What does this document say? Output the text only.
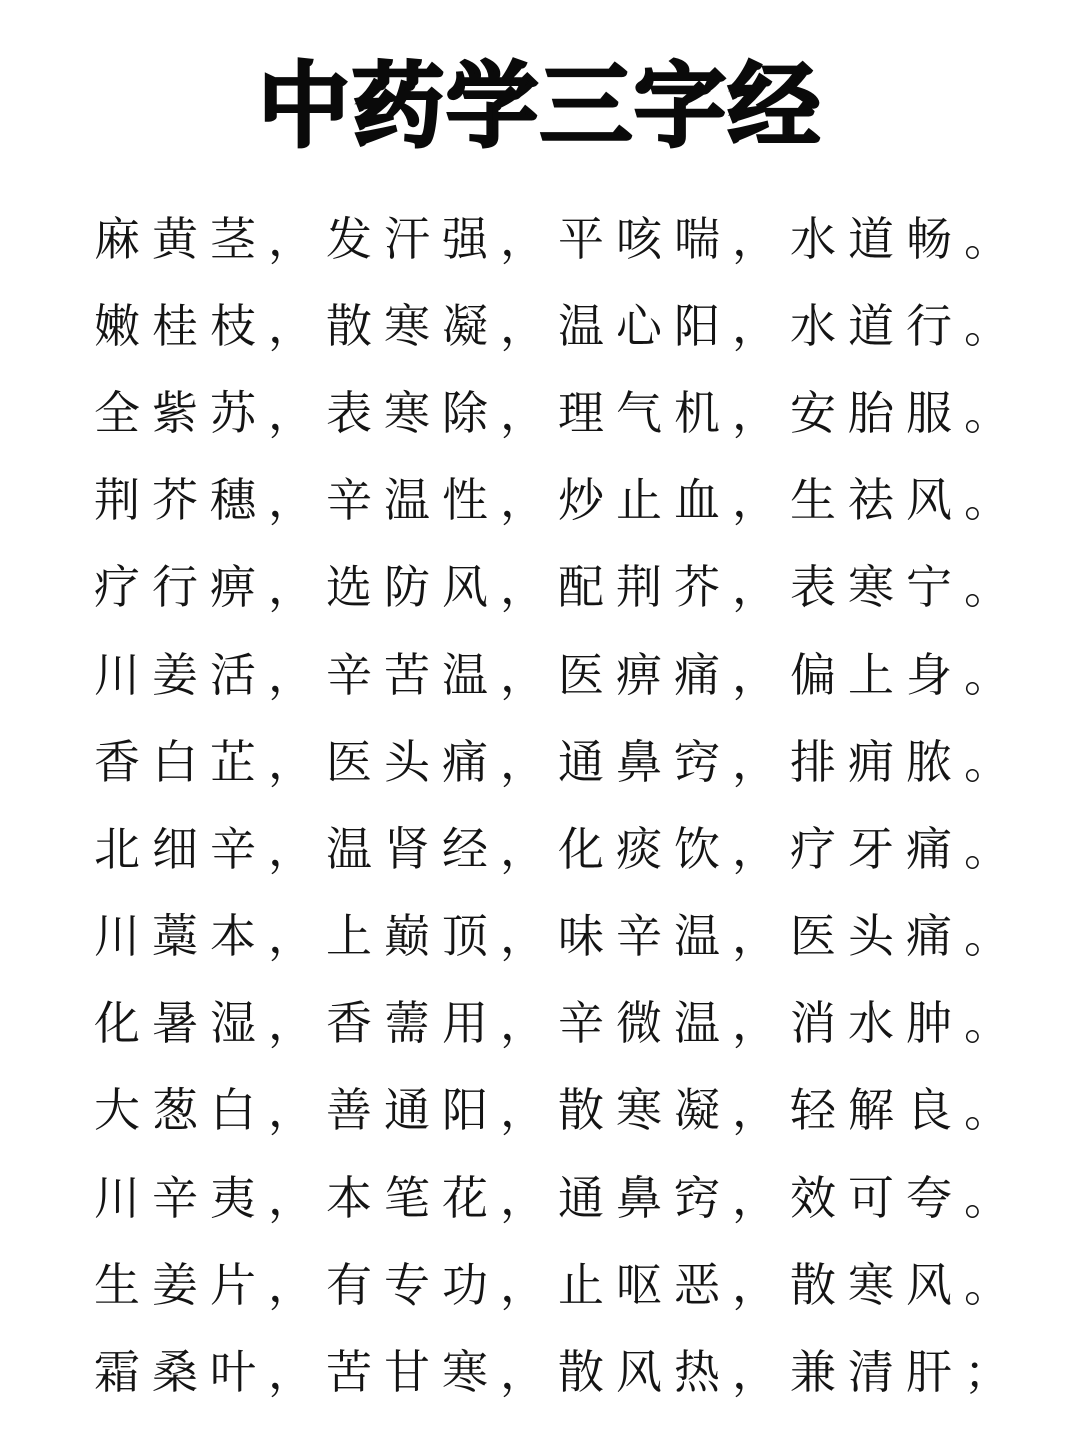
中药学三字经
麻黄茎， 发汗强， 平咳喘， 水道畅。
嫩桂枝， 散寒凝， 温心阳， 水道行。
全紫苏， 表寒除， 理气机， 安胎服。
荆芥穗， 辛温性， 炒止血， 生祛风。
疗行痹， 选防风， 配荆芥， 表寒宁。
川姜活， 辛苦温， 医痹痛， 偏上身。
香白芷， 医头痛， 通鼻窍， 排痈脓。
北细辛， 温肾经， 化痰饮， 疗牙痛。
川藁本， 上巅顶， 味辛温， 医头痛。
化暑湿， 香薷用， 辛微温， 消水肿。
大葱白， 善通阳， 散寒凝， 轻解良。
川辛夷， 本笔花， 通鼻窍， 效可夸。
生姜片， 有专功， 止呕恶， 散寒风。
霜桑叶， 苦甘寒， 散风热， 兼清肝；
